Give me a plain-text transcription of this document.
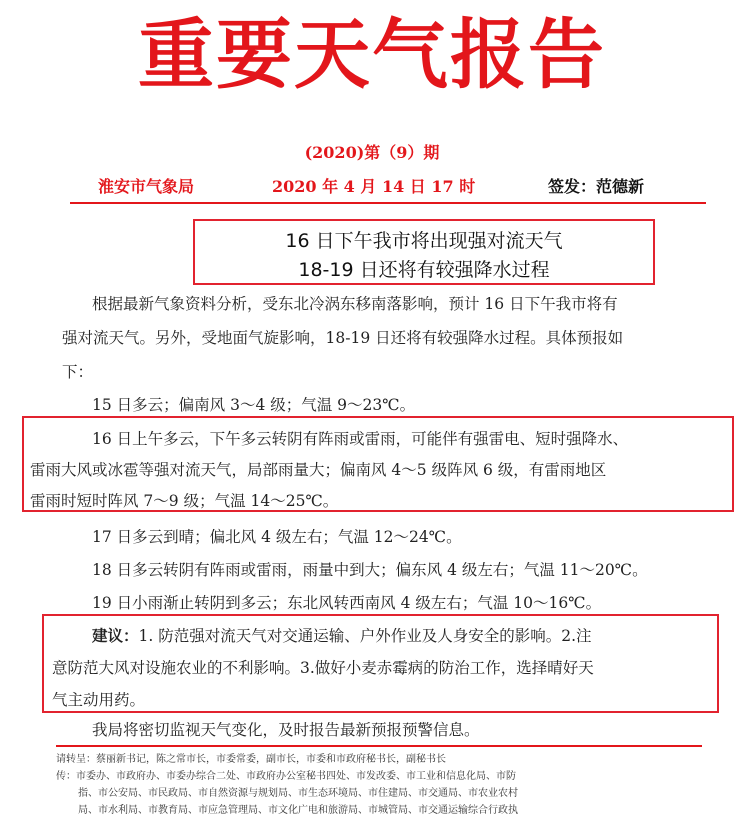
重要天气报告
(2020)第（9）期
淮安市气象局	2020 年 4 月 14 日 17 时	签发：范德新
16 日下午我市将出现强对流天气
18-19 日还将有较强降水过程
根据最新气象资料分析，受东北冷涡东移南落影响，预计 16 日下午我市将有
强对流天气。另外，受地面气旋影响，18-19 日还将有较强降水过程。具体预报如
下：
15 日多云；偏南风 3～4 级；气温 9～23℃。
16 日上午多云，下午多云转阴有阵雨或雷雨，可能伴有强雷电、短时强降水、
雷雨大风或冰雹等强对流天气，局部雨量大；偏南风 4～5 级阵风 6 级，有雷雨地区
雷雨时短时阵风 7～9 级；气温 14～25℃。
17 日多云到晴；偏北风 4 级左右；气温 12～24℃。
18 日多云转阴有阵雨或雷雨，雨量中到大；偏东风 4 级左右；气温 11～20℃。
19 日小雨渐止转阴到多云；东北风转西南风 4 级左右；气温 10～16℃。
建议：1. 防范强对流天气对交通运输、户外作业及人身安全的影响。2.注
意防范大风对设施农业的不利影响。3.做好小麦赤霉病的防治工作，选择晴好天
气主动用药。
我局将密切监视天气变化，及时报告最新预报预警信息。
请转呈：蔡丽新书记，陈之常市长，市委常委，副市长，市委和市政府秘书长，副秘书长
传：市委办、市政府办、市委办综合二处、市政府办公室秘书四处、市发改委、市工业和信息化局、市防
指、市公安局、市民政局、市自然资源与规划局、市生态环境局、市住建局、市交通局、市农业农村
局、市水利局、市教育局、市应急管理局、市文化广电和旅游局、市城管局、市交通运输综合行政执
